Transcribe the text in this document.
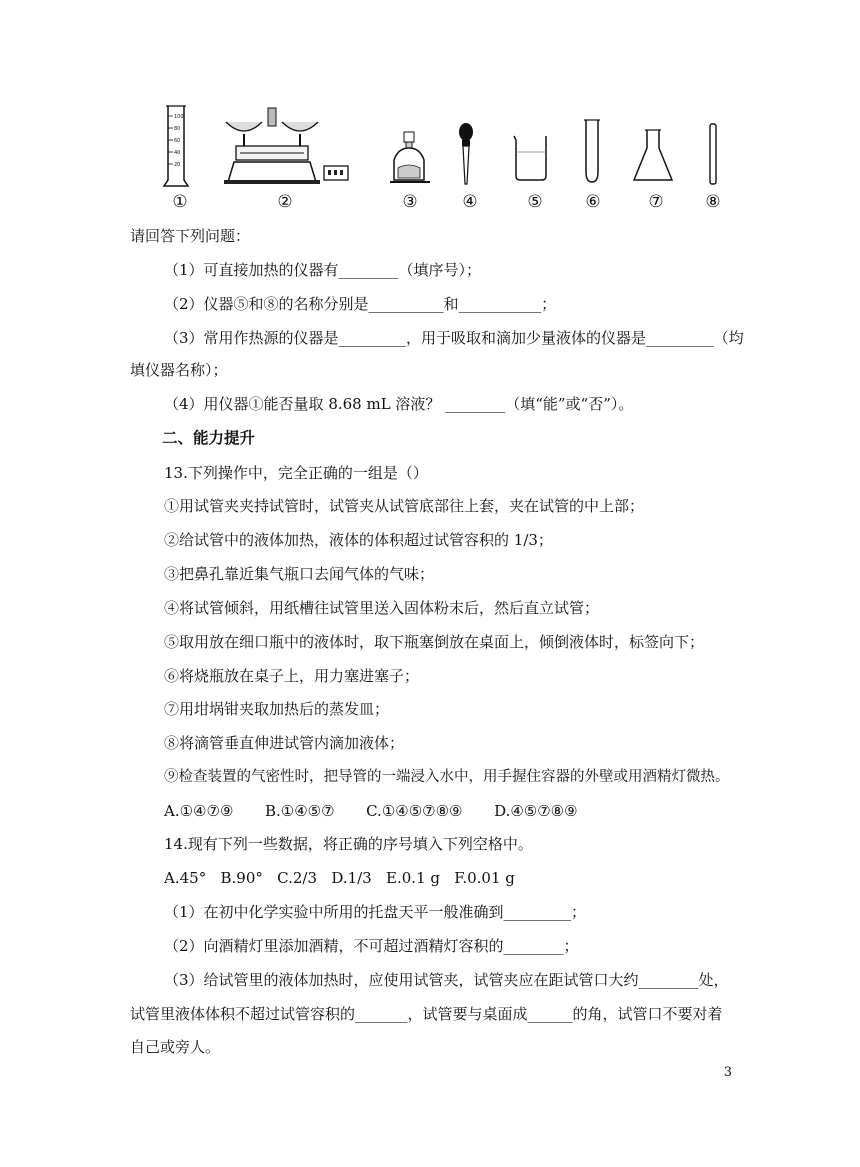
100
80
60
40
20
①	②	③	④	⑤	⑥	⑦	⑧
请回答下列问题：
（1）可直接加热的仪器有________（填序号）；
（2）仪器⑤和⑧的名称分别是__________和___________；
（3）常用作热源的仪器是_________，用于吸取和滴加少量液体的仪器是_________（均
填仪器名称）；
（4）用仪器①能否量取 8.68 mL 溶液？ ________（填“能”或“否”）。
二、能力提升
13.下列操作中，完全正确的一组是（）
①用试管夹夹持试管时，试管夹从试管底部往上套，夹在试管的中上部；
②给试管中的液体加热，液体的体积超过试管容积的 1/3；
③把鼻孔靠近集气瓶口去闻气体的气味；
④将试管倾斜，用纸槽往试管里送入固体粉末后，然后直立试管；
⑤取用放在细口瓶中的液体时，取下瓶塞倒放在桌面上，倾倒液体时，标签向下；
⑥将烧瓶放在桌子上，用力塞进塞子；
⑦用坩埚钳夹取加热后的蒸发皿；
⑧将滴管垂直伸进试管内滴加液体；
⑨检查装置的气密性时，把导管的一端浸入水中，用手握住容器的外壁或用酒精灯微热。
A.①④⑦⑨ B.①④⑤⑦ C.①④⑤⑦⑧⑨ D.④⑤⑦⑧⑨
14.现有下列一些数据，将正确的序号填入下列空格中。
A.45°   B.90°   C.2/3   D.1/3   E.0.1 g   F.0.01 g
（1）在初中化学实验中所用的托盘天平一般准确到_________；
（2）向酒精灯里添加酒精，不可超过酒精灯容积的________；
（3）给试管里的液体加热时，应使用试管夹，试管夹应在距试管口大约________处，
试管里液体体积不超过试管容积的_______，试管要与桌面成______的角，试管口不要对着
自己或旁人。
3
